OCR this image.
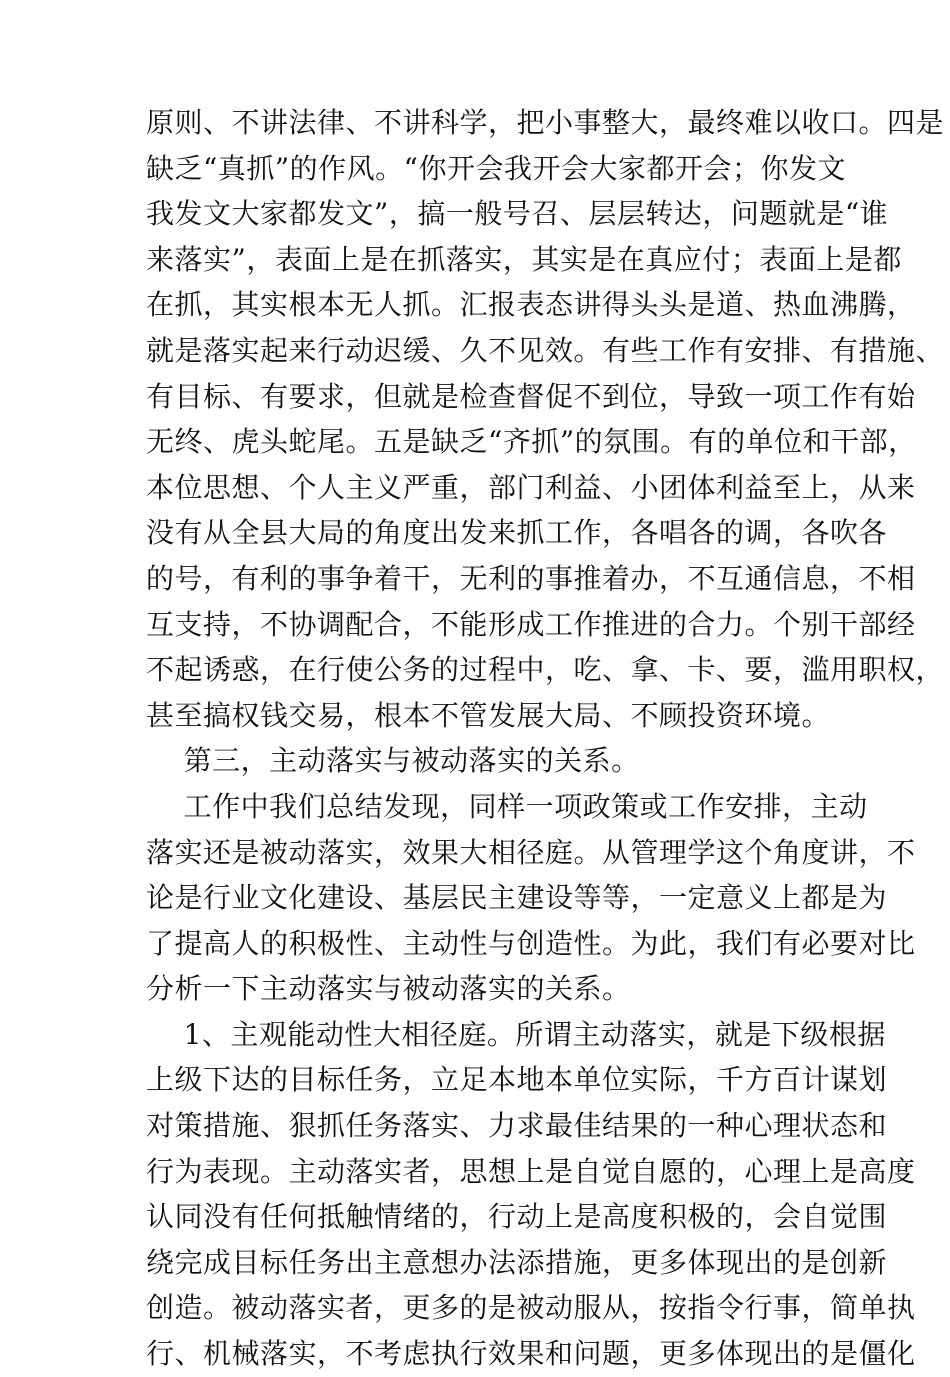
原则、不讲法律、不讲科学，把小事整大，最终难以收口。四是
缺乏“真抓”的作风。“你开会我开会大家都开会；你发文
我发文大家都发文”，搞一般号召、层层转达，问题就是“谁
来落实”，表面上是在抓落实，其实是在真应付；表面上是都
在抓，其实根本无人抓。汇报表态讲得头头是道、热血沸腾，
就是落实起来行动迟缓、久不见效。有些工作有安排、有措施、
有目标、有要求，但就是检查督促不到位，导致一项工作有始
无终、虎头蛇尾。五是缺乏“齐抓”的氛围。有的单位和干部，
本位思想、个人主义严重，部门利益、小团体利益至上，从来
没有从全县大局的角度出发来抓工作，各唱各的调，各吹各
的号，有利的事争着干，无利的事推着办，不互通信息，不相
互支持，不协调配合，不能形成工作推进的合力。个别干部经
不起诱惑，在行使公务的过程中，吃、拿、卡、要，滥用职权，
甚至搞权钱交易，根本不管发展大局、不顾投资环境。
第三，主动落实与被动落实的关系。
工作中我们总结发现，同样一项政策或工作安排，主动
落实还是被动落实，效果大相径庭。从管理学这个角度讲，不
论是行业文化建设、基层民主建设等等，一定意义上都是为
了提高人的积极性、主动性与创造性。为此，我们有必要对比
分析一下主动落实与被动落实的关系。
1、主观能动性大相径庭。所谓主动落实，就是下级根据
上级下达的目标任务，立足本地本单位实际，千方百计谋划
对策措施、狠抓任务落实、力求最佳结果的一种心理状态和
行为表现。主动落实者，思想上是自觉自愿的，心理上是高度
认同没有任何抵触情绪的，行动上是高度积极的，会自觉围
绕完成目标任务出主意想办法添措施，更多体现出的是创新
创造。被动落实者，更多的是被动服从，按指令行事，简单执
行、机械落实，不考虑执行效果和问题，更多体现出的是僵化
